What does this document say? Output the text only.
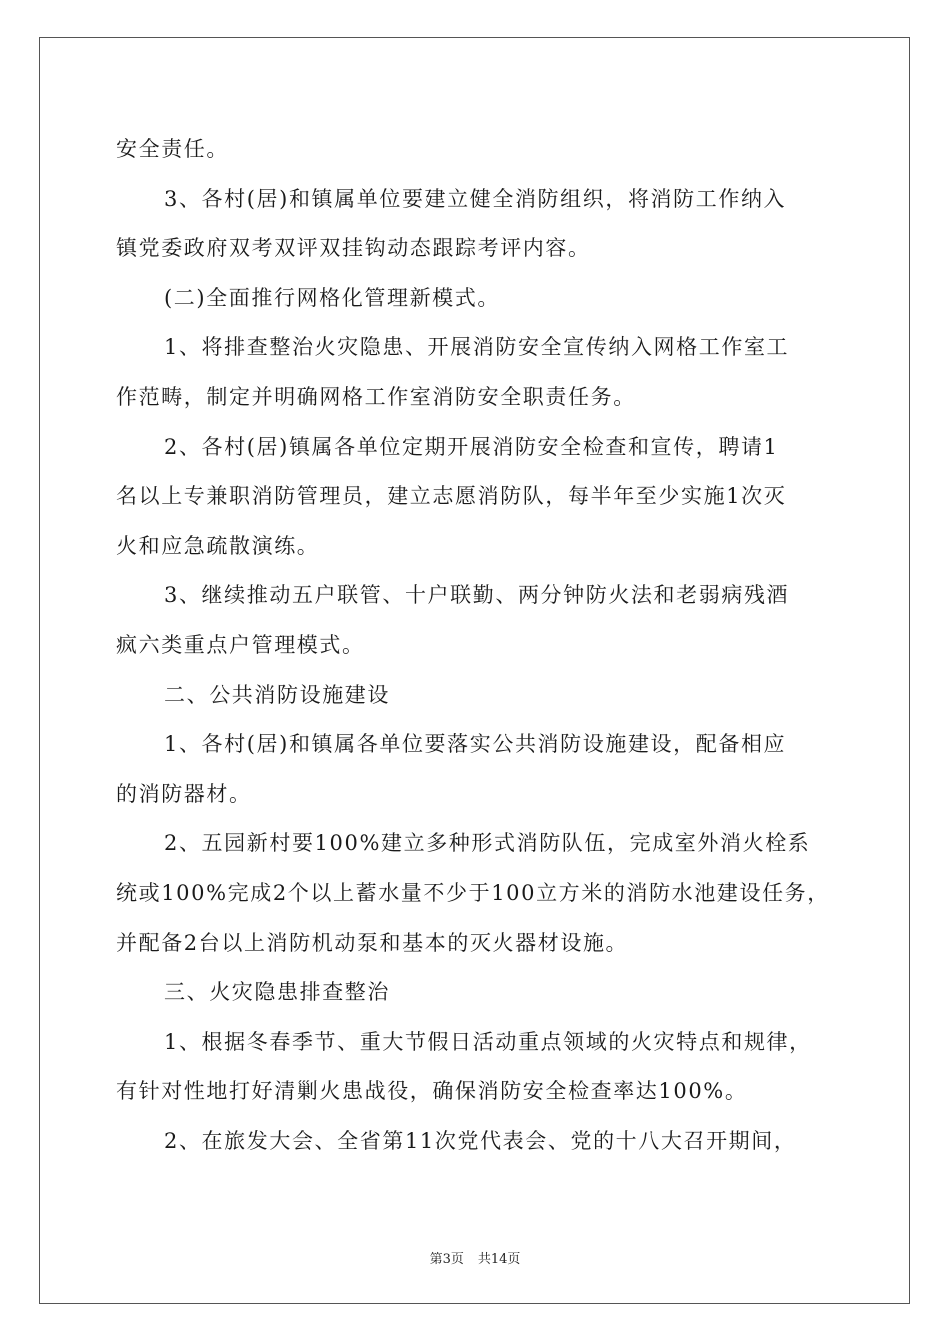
安全责任。
3、各村(居)和镇属单位要建立健全消防组织，将消防工作纳入
镇党委政府双考双评双挂钩动态跟踪考评内容。
(二)全面推行网格化管理新模式。
1、将排查整治火灾隐患、开展消防安全宣传纳入网格工作室工
作范畴，制定并明确网格工作室消防安全职责任务。
2、各村(居)镇属各单位定期开展消防安全检查和宣传，聘请1
名以上专兼职消防管理员，建立志愿消防队，每半年至少实施1次灭
火和应急疏散演练。
3、继续推动五户联管、十户联勤、两分钟防火法和老弱病残酒
疯六类重点户管理模式。
二、公共消防设施建设
1、各村(居)和镇属各单位要落实公共消防设施建设，配备相应
的消防器材。
2、五园新村要100%建立多种形式消防队伍，完成室外消火栓系
统或100%完成2个以上蓄水量不少于100立方米的消防水池建设任务，
并配备2台以上消防机动泵和基本的灭火器材设施。
三、火灾隐患排查整治
1、根据冬春季节、重大节假日活动重点领域的火灾特点和规律，
有针对性地打好清剿火患战役，确保消防安全检查率达100%。
2、在旅发大会、全省第11次党代表会、党的十八大召开期间，
第3页 共14页
